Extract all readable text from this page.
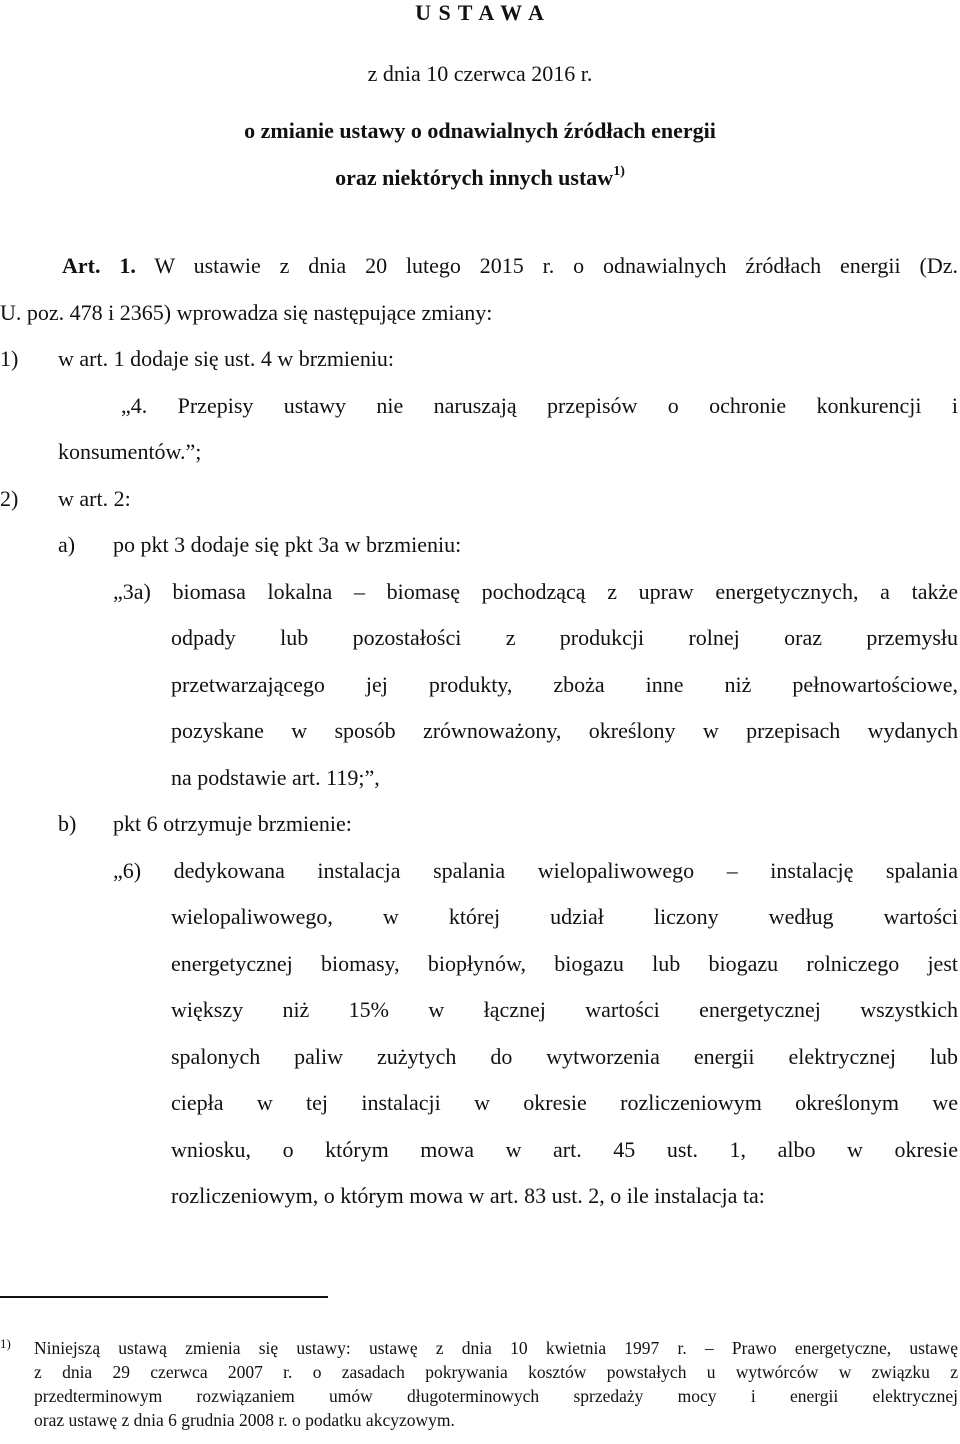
U S T A W A
z dnia 10 czerwca 2016 r.
o zmianie ustawy o odnawialnych źródłach energii
oraz niektórych innych ustaw$^{1)}$
Art. 1. W ustawie z dnia 20 lutego 2015 r. o odnawialnych źródłach energii (Dz.
U. poz. 478 i 2365) wprowadza się następujące zmiany:
1) w art. 1 dodaje się ust. 4 w brzmieniu:
„4. Przepisy ustawy nie naruszają przepisów o ochronie konkurencji i
konsumentów.”;
2) w art. 2:
a) po pkt 3 dodaje się pkt 3a w brzmieniu:
„3a) biomasa lokalna – biomasę pochodzącą z upraw energetycznych, a także
odpady lub pozostałości z produkcji rolnej oraz przemysłu
przetwarzającego jej produkty, zboża inne niż pełnowartościowe,
pozyskane w sposób zrównoważony, określony w przepisach wydanych
na podstawie art. 119;”,
b) pkt 6 otrzymuje brzmienie:
„6) dedykowana instalacja spalania wielopaliwowego – instalację spalania
wielopaliwowego, w której udział liczony według wartości
energetycznej biomasy, biopłynów, biogazu lub biogazu rolniczego jest
większy niż 15% w łącznej wartości energetycznej wszystkich
spalonych paliw zużytych do wytworzenia energii elektrycznej lub
ciepła w tej instalacji w okresie rozliczeniowym określonym we
wniosku, o którym mowa w art. 45 ust. 1, albo w okresie
rozliczeniowym, o którym mowa w art. 83 ust. 2, o ile instalacja ta:
1) Niniejszą ustawą zmienia się ustawy: ustawę z dnia 10 kwietnia 1997 r. – Prawo energetyczne, ustawę
z dnia 29 czerwca 2007 r. o zasadach pokrywania kosztów powstałych u wytwórców w związku z
przedterminowym rozwiązaniem umów długoterminowych sprzedaży mocy i energii elektrycznej
oraz ustawę z dnia 6 grudnia 2008 r. o podatku akcyzowym.
